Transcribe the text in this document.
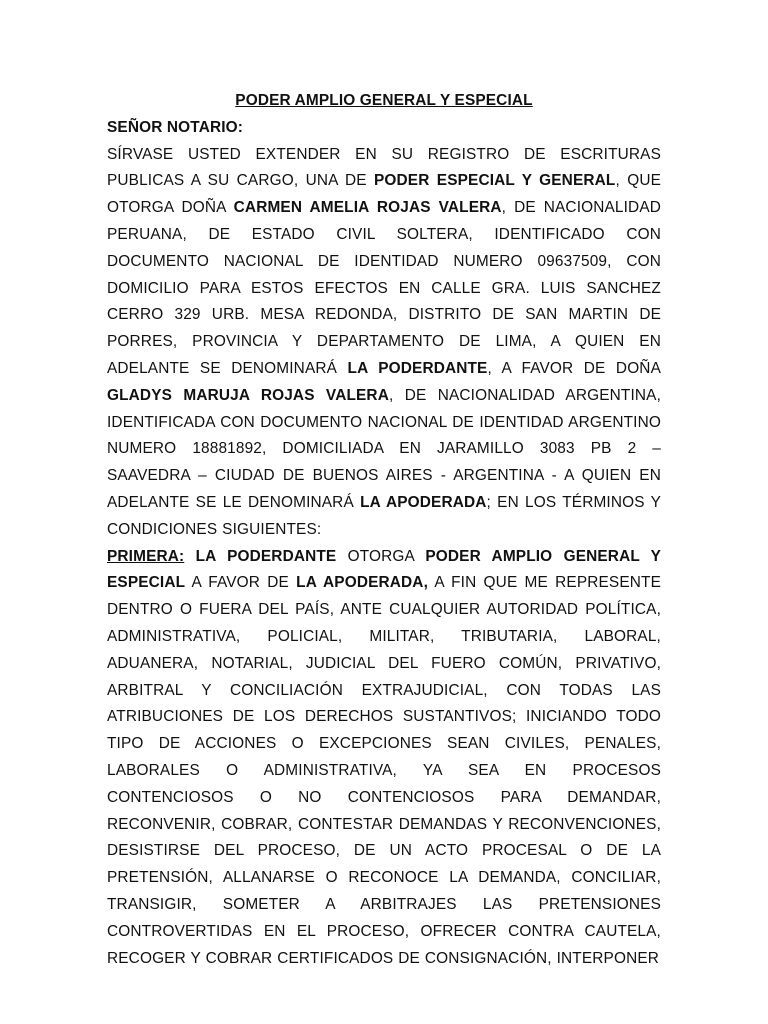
PODER AMPLIO GENERAL Y ESPECIAL

SEÑOR NOTARIO:

SÍRVASE USTED EXTENDER EN SU REGISTRO DE ESCRITURAS PUBLICAS A SU CARGO, UNA DE PODER ESPECIAL Y GENERAL, QUE OTORGA DOÑA CARMEN AMELIA ROJAS VALERA, DE NACIONALIDAD PERUANA, DE ESTADO CIVIL SOLTERA, IDENTIFICADO CON DOCUMENTO NACIONAL DE IDENTIDAD NUMERO 09637509, CON DOMICILIO PARA ESTOS EFECTOS EN CALLE GRA. LUIS SANCHEZ CERRO 329 URB. MESA REDONDA, DISTRITO DE SAN MARTIN DE PORRES, PROVINCIA Y DEPARTAMENTO DE LIMA, A QUIEN EN ADELANTE SE DENOMINARÁ LA PODERDANTE, A FAVOR DE DOÑA GLADYS MARUJA ROJAS VALERA, DE NACIONALIDAD ARGENTINA, IDENTIFICADA CON DOCUMENTO NACIONAL DE IDENTIDAD ARGENTINO NUMERO 18881892, DOMICILIADA EN JARAMILLO 3083 PB 2 – SAAVEDRA – CIUDAD DE BUENOS AIRES - ARGENTINA - A QUIEN EN ADELANTE SE LE DENOMINARÁ LA APODERADA; EN LOS TÉRMINOS Y CONDICIONES SIGUIENTES:

PRIMERA: LA PODERDANTE OTORGA PODER AMPLIO GENERAL Y ESPECIAL A FAVOR DE LA APODERADA, A FIN QUE ME REPRESENTE DENTRO O FUERA DEL PAÍS, ANTE CUALQUIER AUTORIDAD POLÍTICA, ADMINISTRATIVA, POLICIAL, MILITAR, TRIBUTARIA, LABORAL, ADUANERA, NOTARIAL, JUDICIAL DEL FUERO COMÚN, PRIVATIVO, ARBITRAL Y CONCILIACIÓN EXTRAJUDICIAL, CON TODAS LAS ATRIBUCIONES DE LOS DERECHOS SUSTANTIVOS; INICIANDO TODO TIPO DE ACCIONES O EXCEPCIONES SEAN CIVILES, PENALES, LABORALES O ADMINISTRATIVA, YA SEA EN PROCESOS CONTENCIOSOS O NO CONTENCIOSOS PARA DEMANDAR, RECONVENIR, COBRAR, CONTESTAR DEMANDAS Y RECONVENCIONES, DESISTIRSE DEL PROCESO, DE UN ACTO PROCESAL O DE LA PRETENSIÓN, ALLANARSE O RECONOCE LA DEMANDA, CONCILIAR, TRANSIGIR, SOMETER A ARBITRAJES LAS PRETENSIONES CONTROVERTIDAS EN EL PROCESO, OFRECER CONTRA CAUTELA, RECOGER Y COBRAR CERTIFICADOS DE CONSIGNACIÓN, INTERPONER
